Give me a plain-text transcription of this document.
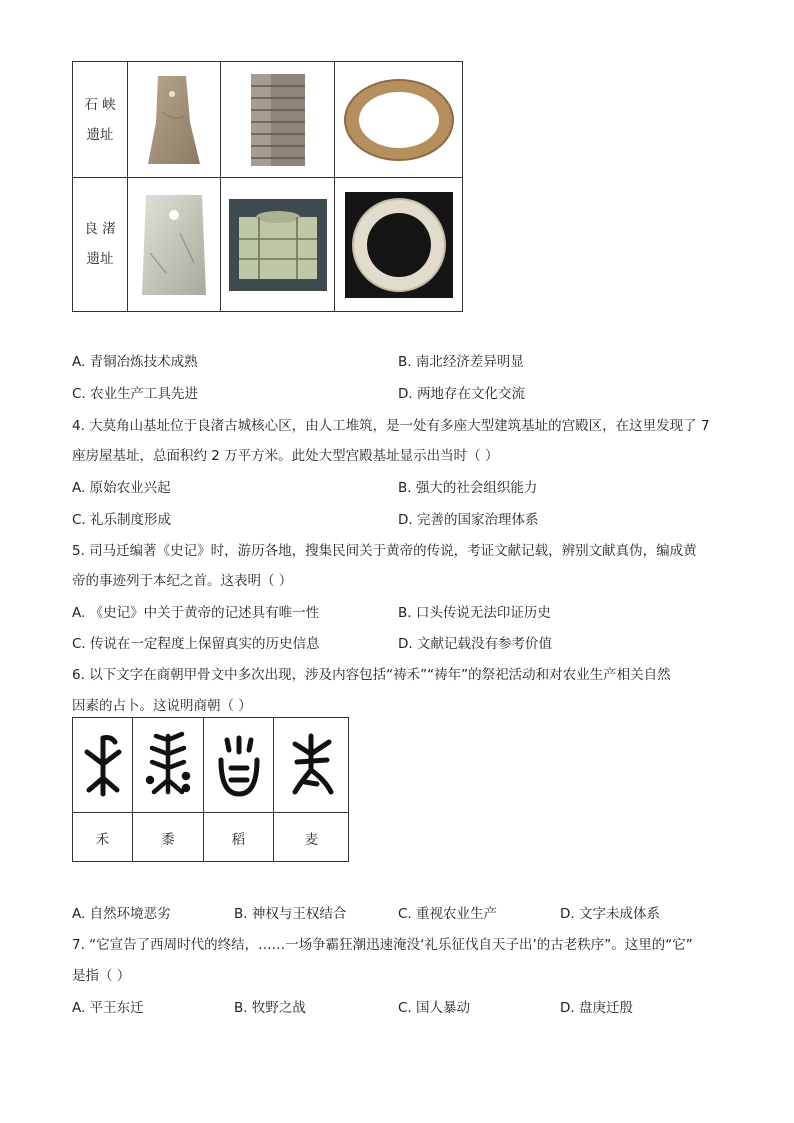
石 峡
遗址
良 渚
遗址
A. 青铜冶炼技术成熟	B. 南北经济差异明显
C. 农业生产工具先进	D. 两地存在文化交流
4. 大莫角山基址位于良渚古城核心区，由人工堆筑，是一处有多座大型建筑基址的宫殿区，在这里发现了 7
座房屋基址，总面积约 2 万平方米。此处大型宫殿基址显示出当时（ ）
A. 原始农业兴起	B. 强大的社会组织能力
C. 礼乐制度形成	D. 完善的国家治理体系
5. 司马迁编著《史记》时，游历各地，搜集民间关于黄帝的传说，考证文献记载，辨别文献真伪，编成黄
帝的事迹列于本纪之首。这表明（ ）
A. 《史记》中关于黄帝的记述具有唯一性	B. 口头传说无法印证历史
C. 传说在一定程度上保留真实的历史信息	D. 文献记载没有参考价值
6. 以下文字在商朝甲骨文中多次出现，涉及内容包括“祷禾”“祷年”的祭祀活动和对农业生产相关自然
因素的占卜。这说明商朝（ ）
禾	黍	稻	麦
A. 自然环境恶劣	B. 神权与王权结合	C. 重视农业生产	D. 文字未成体系
7. “它宣告了西周时代的终结，……一场争霸狂潮迅速淹没‘礼乐征伐自天子出’的古老秩序”。这里的“它”
是指（ ）
A. 平王东迁	B. 牧野之战	C. 国人暴动	D. 盘庚迁殷
